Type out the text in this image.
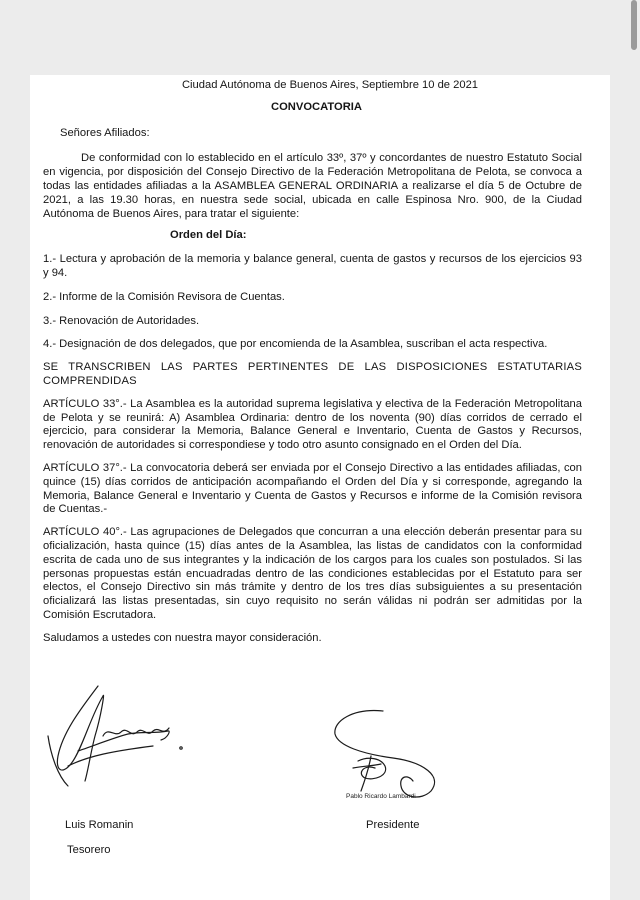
Ciudad Autónoma de Buenos Aires, Septiembre 10 de 2021

CONVOCATORIA

Señores Afiliados:

De conformidad con lo establecido en el artículo 33º, 37º y concordantes de nuestro Estatuto Social en vigencia, por disposición del Consejo Directivo de la Federación Metropolitana de Pelota, se convoca a todas las entidades afiliadas a la ASAMBLEA GENERAL ORDINARIA a realizarse el día 5 de Octubre de 2021, a las 19.30 horas, en nuestra sede social, ubicada en calle Espinosa Nro. 900, de la Ciudad Autónoma de Buenos Aires, para tratar el siguiente:

Orden del Día:

1.- Lectura y aprobación de la memoria y balance general, cuenta de gastos y recursos de los ejercicios 93 y 94.

2.- Informe de la Comisión Revisora de Cuentas.

3.- Renovación de Autoridades.

4.- Designación de dos delegados, que por encomienda de la Asamblea, suscriban el acta respectiva.

SE TRANSCRIBEN LAS PARTES PERTINENTES DE LAS DISPOSICIONES ESTATUTARIAS COMPRENDIDAS

ARTÍCULO 33°.- La Asamblea es la autoridad suprema legislativa y electiva de la Federación Metropolitana de Pelota y se reunirá: A) Asamblea Ordinaria: dentro de los noventa (90) días corridos de cerrado el ejercicio, para considerar la Memoria, Balance General e Inventario, Cuenta de Gastos y Recursos, renovación de autoridades si correspondiese y todo otro asunto consignado en el Orden del Día.

ARTÍCULO 37°.- La convocatoria deberá ser enviada por el Consejo Directivo a las entidades afiliadas, con quince (15) días corridos de anticipación acompañando el Orden del Día y si corresponde, agregando la Memoria, Balance General e Inventario y Cuenta de Gastos y Recursos e informe de la Comisión revisora de Cuentas.-

ARTÍCULO 40°.- Las agrupaciones de Delegados que concurran a una elección deberán presentar para su oficialización, hasta quince (15) días antes de la Asamblea, las listas de candidatos con la conformidad escrita de cada uno de sus integrantes y la indicación de los cargos para los cuales son postulados. Si las personas propuestas están encuadradas dentro de las condiciones establecidas por el Estatuto para ser electos, el Consejo Directivo sin más trámite y dentro de los tres días subsiguientes a su presentación oficializará las listas presentadas, sin cuyo requisito no serán válidas ni podrán ser admitidas por la Comisión Escrutadora.

Saludamos a ustedes con nuestra mayor consideración.

Pablo Ricardo Lambardi
Luis Romanin
Tesorero
Presidente
